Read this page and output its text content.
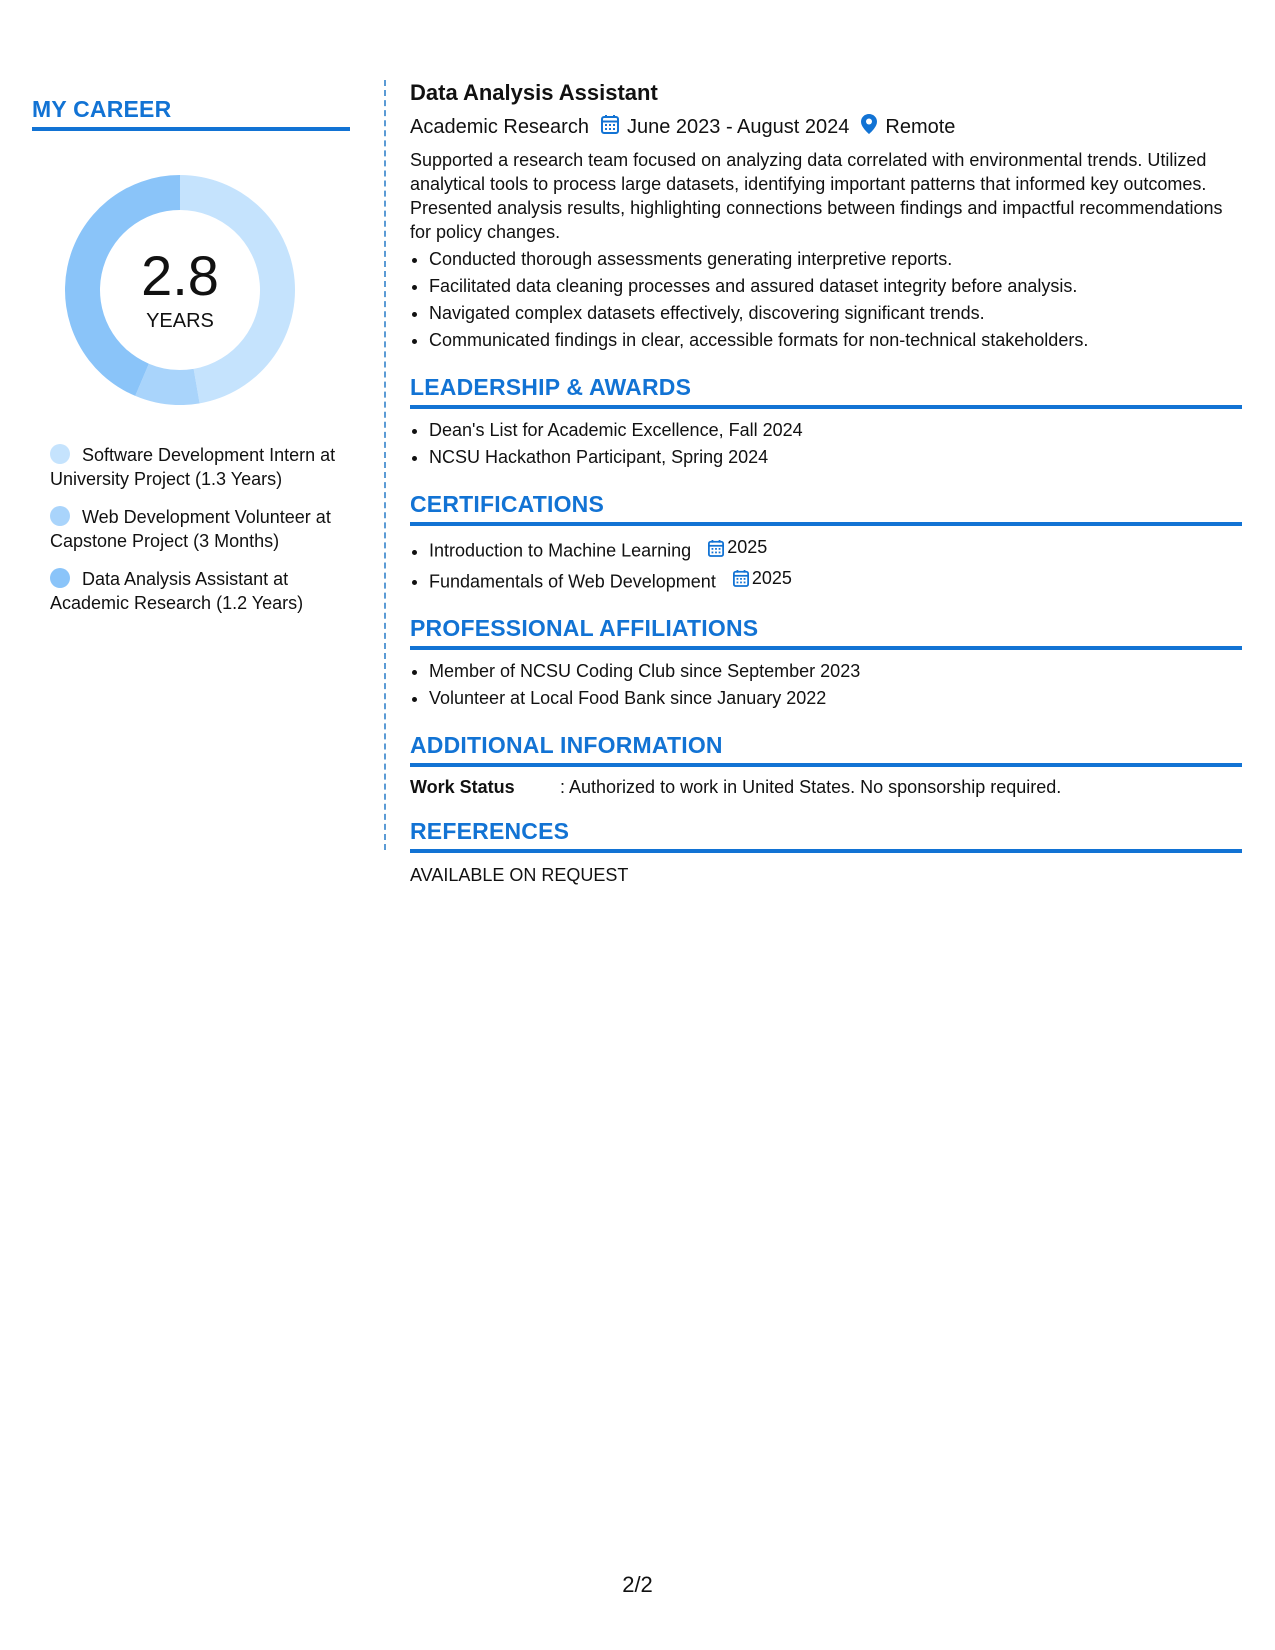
MY CAREER
2.8
YEARS
Software Development Intern at University Project (1.3 Years)
Web Development Volunteer at Capstone Project (3 Months)
Data Analysis Assistant at Academic Research (1.2 Years)
Data Analysis Assistant
Academic Research June 2023 - August 2024 Remote
Supported a research team focused on analyzing data correlated with environmental trends. Utilized analytical tools to process large datasets, identifying important patterns that informed key outcomes. Presented analysis results, highlighting connections between findings and impactful recommendations for policy changes.
• Conducted thorough assessments generating interpretive reports.
• Facilitated data cleaning processes and assured dataset integrity before analysis.
• Navigated complex datasets effectively, discovering significant trends.
• Communicated findings in clear, accessible formats for non-technical stakeholders.
LEADERSHIP & AWARDS
• Dean's List for Academic Excellence, Fall 2024
• NCSU Hackathon Participant, Spring 2024
CERTIFICATIONS
• Introduction to Machine Learning 2025
• Fundamentals of Web Development 2025
PROFESSIONAL AFFILIATIONS
• Member of NCSU Coding Club since September 2023
• Volunteer at Local Food Bank since January 2022
ADDITIONAL INFORMATION
Work Status	: Authorized to work in United States. No sponsorship required.
REFERENCES
AVAILABLE ON REQUEST
2/2
